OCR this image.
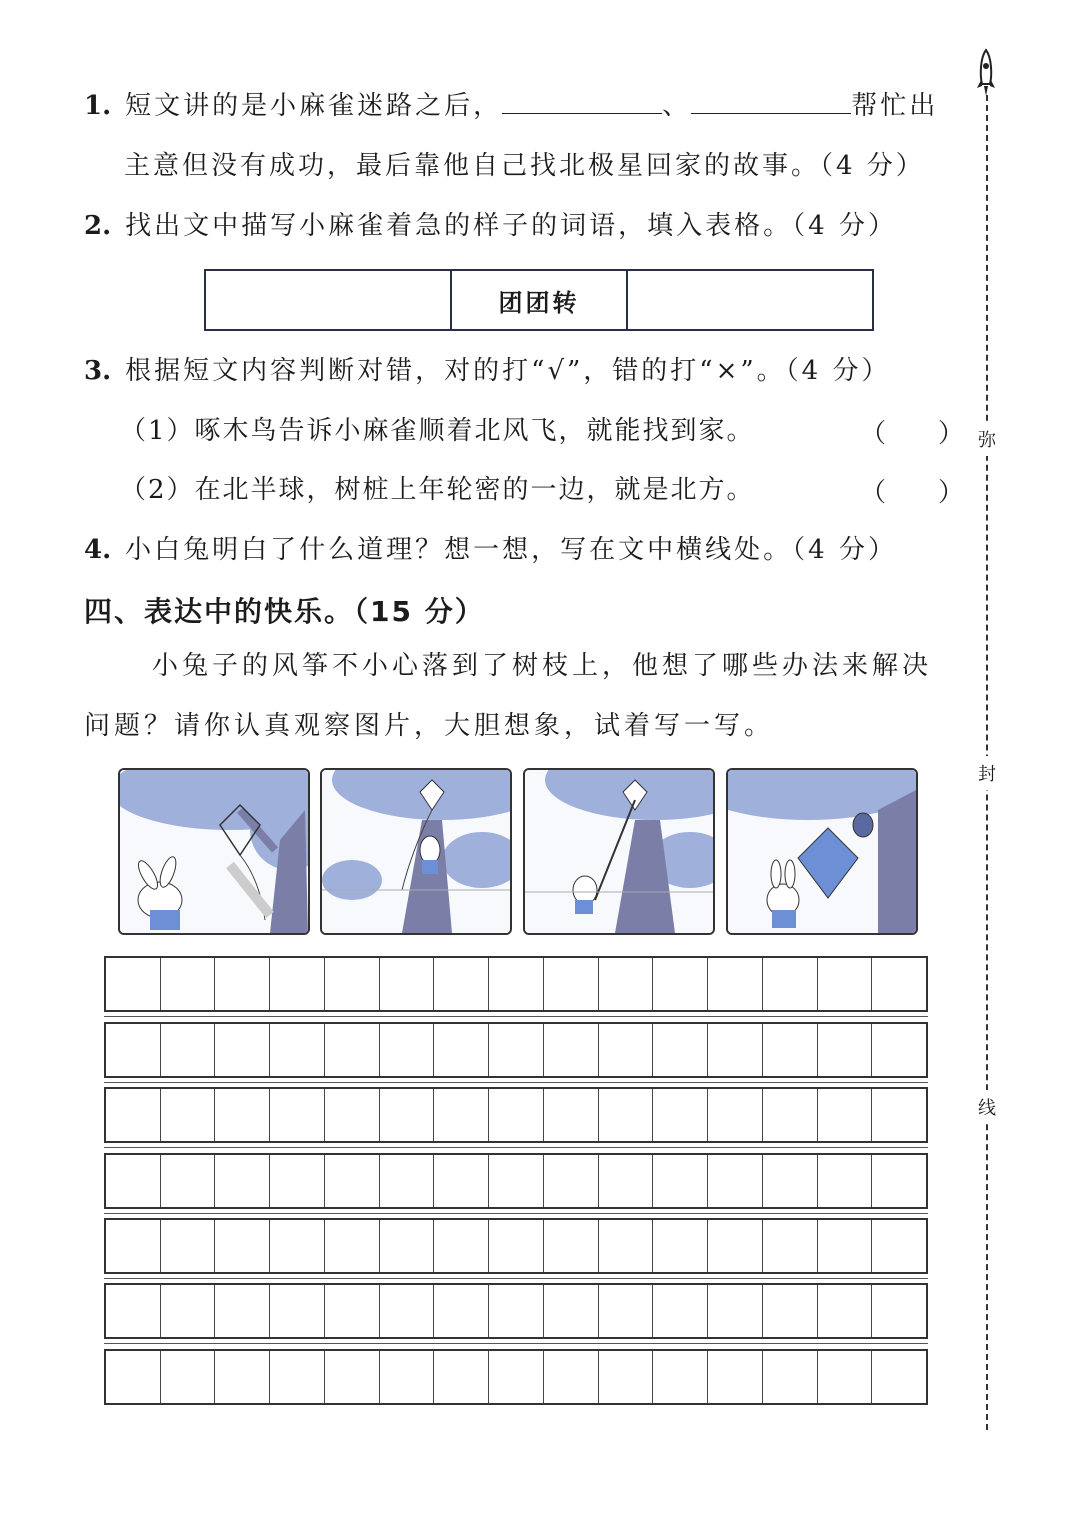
1. 短文讲的是小麻雀迷路之后，	、	帮忙出
主意但没有成功，最后靠他自己找北极星回家的故事。（4 分）
2. 找出文中描写小麻雀着急的样子的词语，填入表格。（4 分）
	团团转	
3. 根据短文内容判断对错，对的打“√”，错的打“×”。（4 分）
（1）啄木鸟告诉小麻雀顺着北风飞，就能找到家。	（　　）
（2）在北半球，树桩上年轮密的一边，就是北方。	（　　）
4. 小白兔明白了什么道理？想一想，写在文中横线处。（4 分）
四、表达中的快乐。（15 分）
小兔子的风筝不小心落到了树枝上，他想了哪些办法来解决
问题？请你认真观察图片，大胆想象，试着写一写。
弥
封
线
